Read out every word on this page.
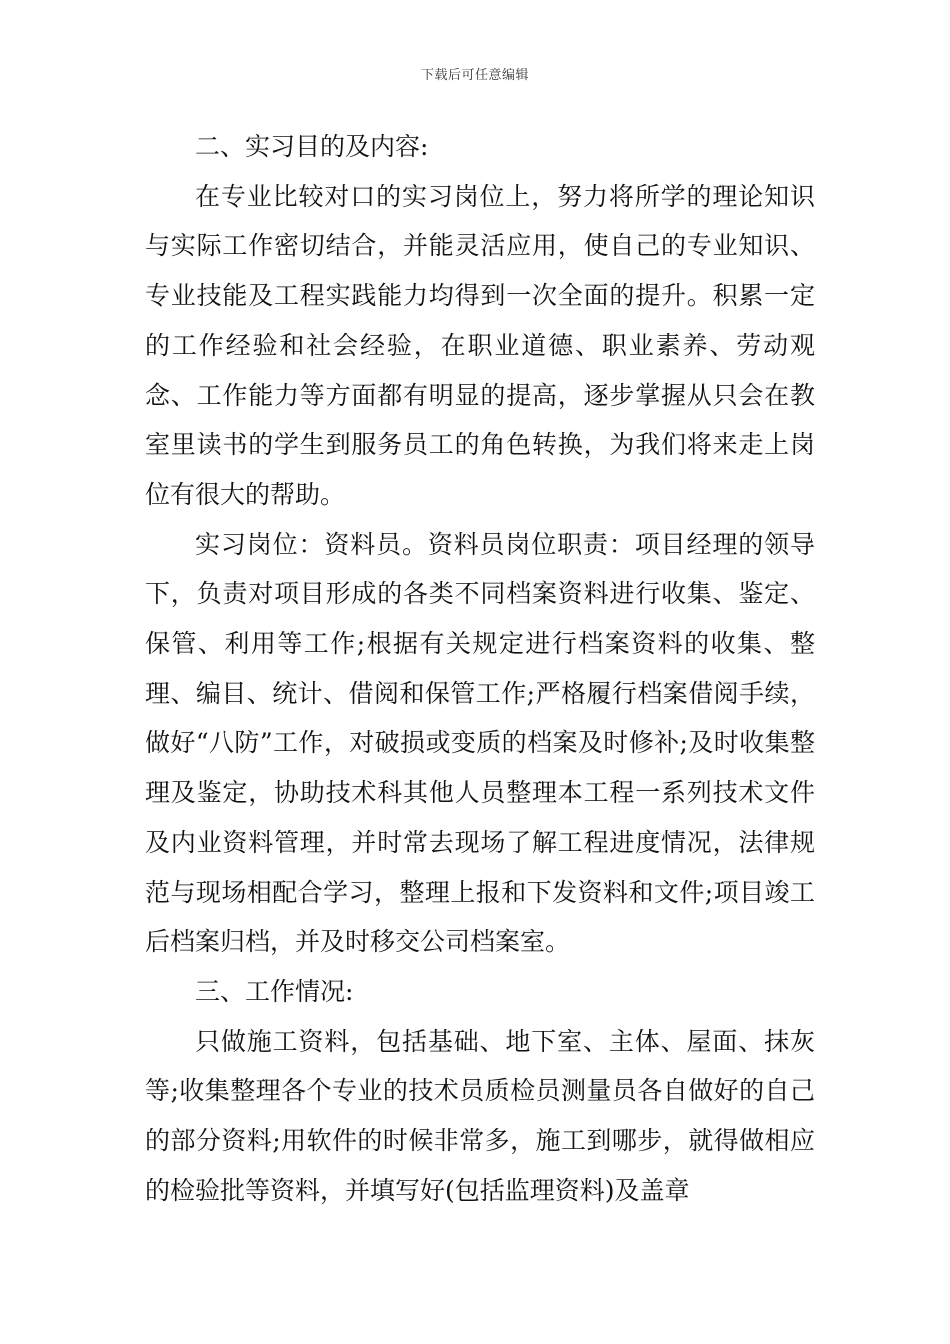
下载后可任意编辑

二、实习目的及内容:

在专业比较对口的实习岗位上，努力将所学的理论知识与实际工作密切结合，并能灵活应用，使自己的专业知识、专业技能及工程实践能力均得到一次全面的提升。积累一定的工作经验和社会经验，在职业道德、职业素养、劳动观念、工作能力等方面都有明显的提高，逐步掌握从只会在教室里读书的学生到服务员工的角色转换，为我们将来走上岗位有很大的帮助。

实习岗位：资料员。资料员岗位职责：项目经理的领导下，负责对项目形成的各类不同档案资料进行收集、鉴定、保管、利用等工作;根据有关规定进行档案资料的收集、整理、编目、统计、借阅和保管工作;严格履行档案借阅手续，做好“八防”工作，对破损或变质的档案及时修补;及时收集整理及鉴定，协助技术科其他人员整理本工程一系列技术文件及内业资料管理，并时常去现场了解工程进度情况，法律规范与现场相配合学习，整理上报和下发资料和文件;项目竣工后档案归档，并及时移交公司档案室。

三、工作情况:

只做施工资料，包括基础、地下室、主体、屋面、抹灰等;收集整理各个专业的技术员质检员测量员各自做好的自己的部分资料;用软件的时候非常多，施工到哪步，就得做相应的检验批等资料，并填写好(包括监理资料)及盖章
